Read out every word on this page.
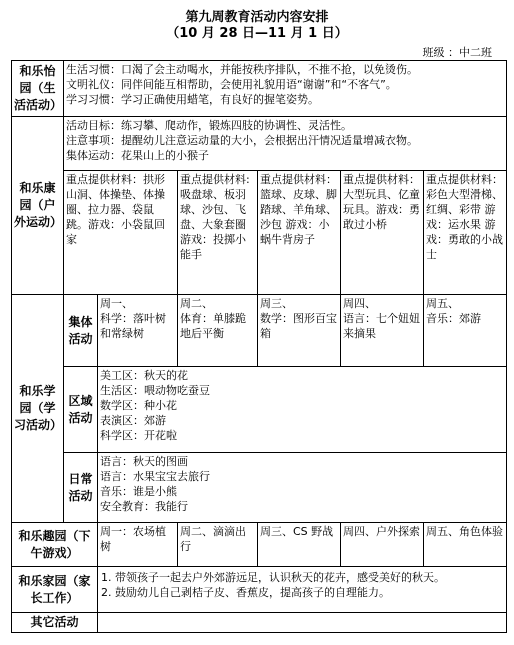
第九周教育活动内容安排
（10 月 28 日—11 月 1 日）
班级 ：中二班
和乐怡园（生活活动）	生活习惯：口渴了会主动喝水，并能按秩序排队，不推不抢，以免烫伤。
文明礼仪：同伴间能互相帮助，会使用礼貌用语“谢谢”和“不客气”。
学习习惯：学习正确使用蜡笔，有良好的握笔姿势。					

和乐康园（户外运动）	活动目标：练习攀、爬动作，锻炼四肢的协调性、灵活性。
注意事项：提醒幼儿注意运动量的大小，会根据出汗情况适量增减衣物。
集体运动：花果山上的小猴子					

	重点提供材料：拱形山洞、体操垫、体操圈、拉力器、袋鼠跳。游戏：小袋鼠回家		重点提供材料:吸盘球、板羽球、沙包、飞盘、大象套圈 游戏：投掷小能手	重点提供材料：篮球、皮球、脚踏球、羊角球、沙包 游戏：小蜗牛背房子	重点提供材料：大型玩具、亿童玩具。游戏：勇敢过小桥	重点提供材料：彩色大型滑梯、红绸、彩带 游戏：运水果 游戏：勇敢的小战士

和乐学园（学习活动）	集体活动	周一、
科学：落叶树和常绿树	周二、
体育：单膝跪地后平衡	周三、
数学：图形百宝箱	周四、
语言：七个妞妞来摘果	周五、
音乐：郊游

	区域活动	美工区：秋天的花
生活区：喂动物吃蚕豆
数学区：种小花
表演区：郊游
科学区：开花啦				

	日常活动	语言：秋天的图画
语言：水果宝宝去旅行
音乐：谁是小熊
安全教育：我能行				

和乐趣园（下午游戏）		周一：农场植树	周二、滴滴出行	周三、CS 野战	周四、户外探索	周五、角色体验

和乐家园（家长工作）		1. 带领孩子一起去户外郊游远足，认识秋天的花卉，感受美好的秋天。
2. 鼓励幼儿自己剥桔子皮、香蕉皮，提高孩子的自理能力。				

其它活动						
